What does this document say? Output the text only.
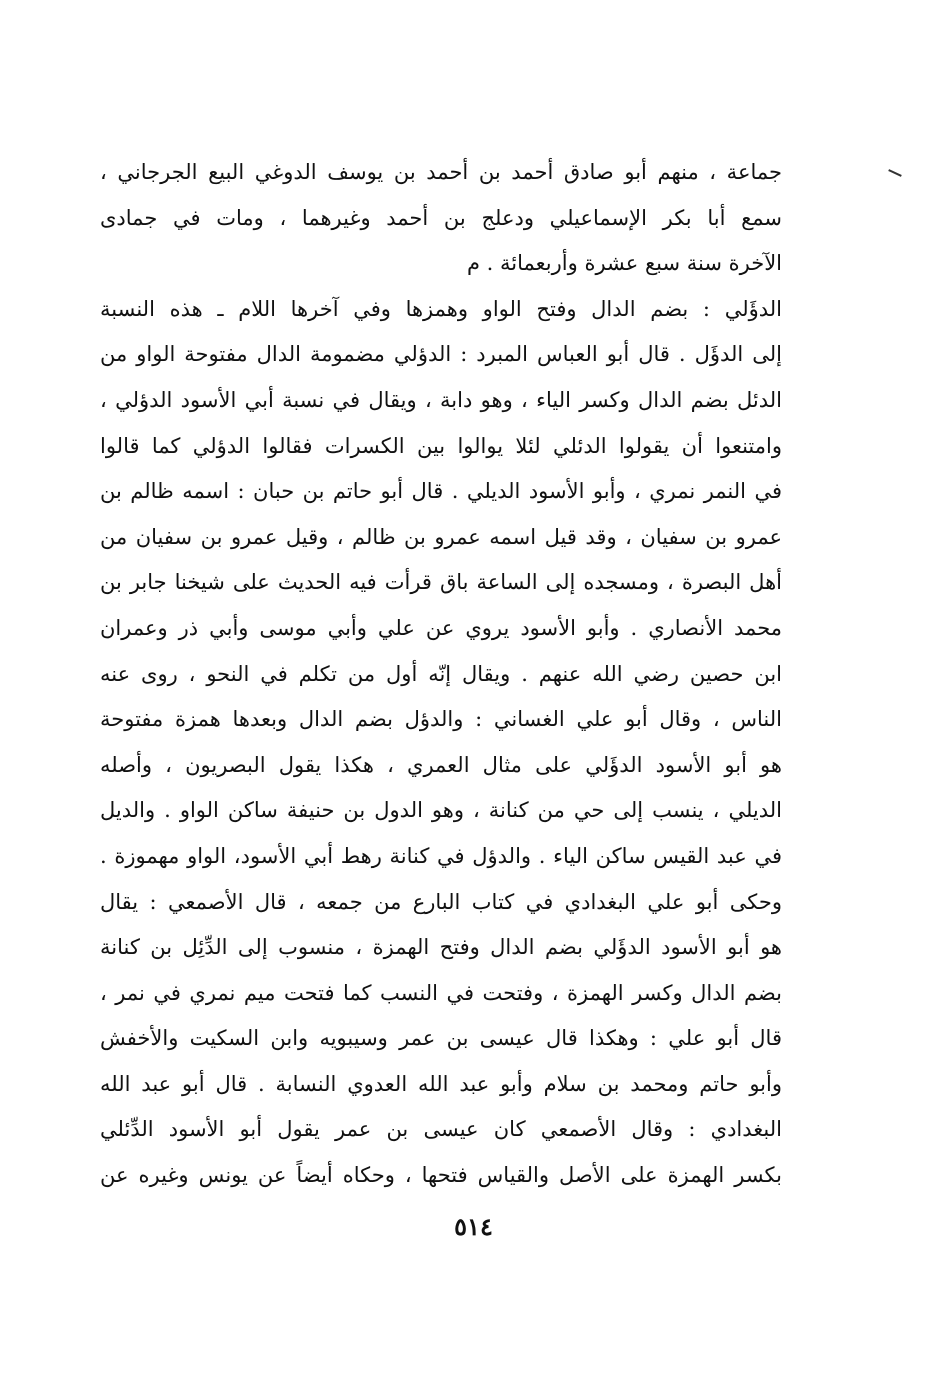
جماعة ، منهم أبو صادق أحمد بن أحمد بن يوسف الدوغي البيع الجرجاني ،
سمع أبا بكر الإسماعيلي ودعلج بن أحمد وغيرهما ، ومات في جمادى
الآخرة سنة سبع عشرة وأربعمائة . م
الدؤَلي : بضم الدال وفتح الواو وهمزها وفي آخرها اللام ـ هذه النسبة
إلى الدؤَل . قال أبو العباس المبرد : الدؤلي مضمومة الدال مفتوحة الواو من
الدئل بضم الدال وكسر الياء ، وهو دابة ، ويقال في نسبة أبي الأسود الدؤلي ،
وامتنعوا أن يقولوا الدئلي لئلا يوالوا بين الكسرات فقالوا الدؤلي كما قالوا
في النمر نمري ، وأبو الأسود الديلي . قال أبو حاتم بن حبان : اسمه ظالم بن
عمرو بن سفيان ، وقد قيل اسمه عمرو بن ظالم ، وقيل عمرو بن سفيان من
أهل البصرة ، ومسجده إلى الساعة باق قرأت فيه الحديث على شيخنا جابر بن
محمد الأنصاري . وأبو الأسود يروي عن علي وأبي موسى وأبي ذر وعمران
ابن حصين رضي الله عنهم . ويقال إنّه أول من تكلم في النحو ، روى عنه
الناس ، وقال أبو علي الغساني : والدؤل بضم الدال وبعدها همزة مفتوحة
هو أبو الأسود الدؤَلي على مثال العمري ، هكذا يقول البصريون ، وأصله
الديلي ، ينسب إلى حي من كنانة ، وهو الدول بن حنيفة ساكن الواو . والديل
في عبد القيس ساكن الياء . والدؤل في كنانة رهط أبي الأسود، الواو مهموزة .
وحكى أبو علي البغدادي في كتاب البارع من جمعه ، قال الأصمعي : يقال
هو أبو الأسود الدؤَلي بضم الدال وفتح الهمزة ، منسوب إلى الدِّئِل بن كنانة
بضم الدال وكسر الهمزة ، وفتحت في النسب كما فتحت ميم نمري في نمر ،
قال أبو علي : وهكذا قال عيسى بن عمر وسيبويه وابن السكيت والأخفش
وأبو حاتم ومحمد بن سلام وأبو عبد الله العدوي النسابة . قال أبو عبد الله
البغدادي : وقال الأصمعي كان عيسى بن عمر يقول أبو الأسود الدِّئلي
بكسر الهمزة على الأصل والقياس فتحها ، وحكاه أيضاً عن يونس وغيره عن
٥١٤
